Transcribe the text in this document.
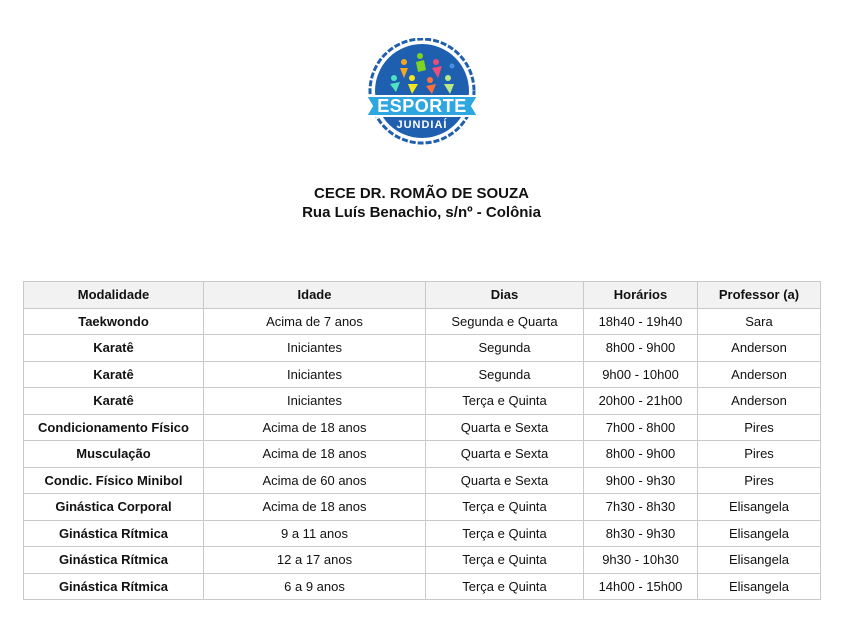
ESPORTE
JUNDIAÍ
CECE DR. ROMÃO DE SOUZA
Rua Luís Benachio, s/nº - Colônia
Modalidade	Idade	Dias	Horários	Professor (a)
Taekwondo	Acima de 7 anos	Segunda e Quarta	18h40 - 19h40	Sara
Karatê	Iniciantes	Segunda	8h00 - 9h00	Anderson
Karatê	Iniciantes	Segunda	9h00 - 10h00	Anderson
Karatê	Iniciantes	Terça e Quinta	20h00 - 21h00	Anderson
Condicionamento Físico	Acima de 18 anos	Quarta e Sexta	7h00 - 8h00	Pires
Musculação	Acima de 18 anos	Quarta e Sexta	8h00 - 9h00	Pires
Condic. Físico Minibol	Acima de 60 anos	Quarta e Sexta	9h00 - 9h30	Pires
Ginástica Corporal	Acima de 18 anos	Terça e Quinta	7h30 - 8h30	Elisangela
Ginástica Rítmica	9 a 11 anos	Terça e Quinta	8h30 - 9h30	Elisangela
Ginástica Rítmica	12 a 17 anos	Terça e Quinta	9h30 - 10h30	Elisangela
Ginástica Rítmica	6 a 9 anos	Terça e Quinta	14h00 - 15h00	Elisangela
